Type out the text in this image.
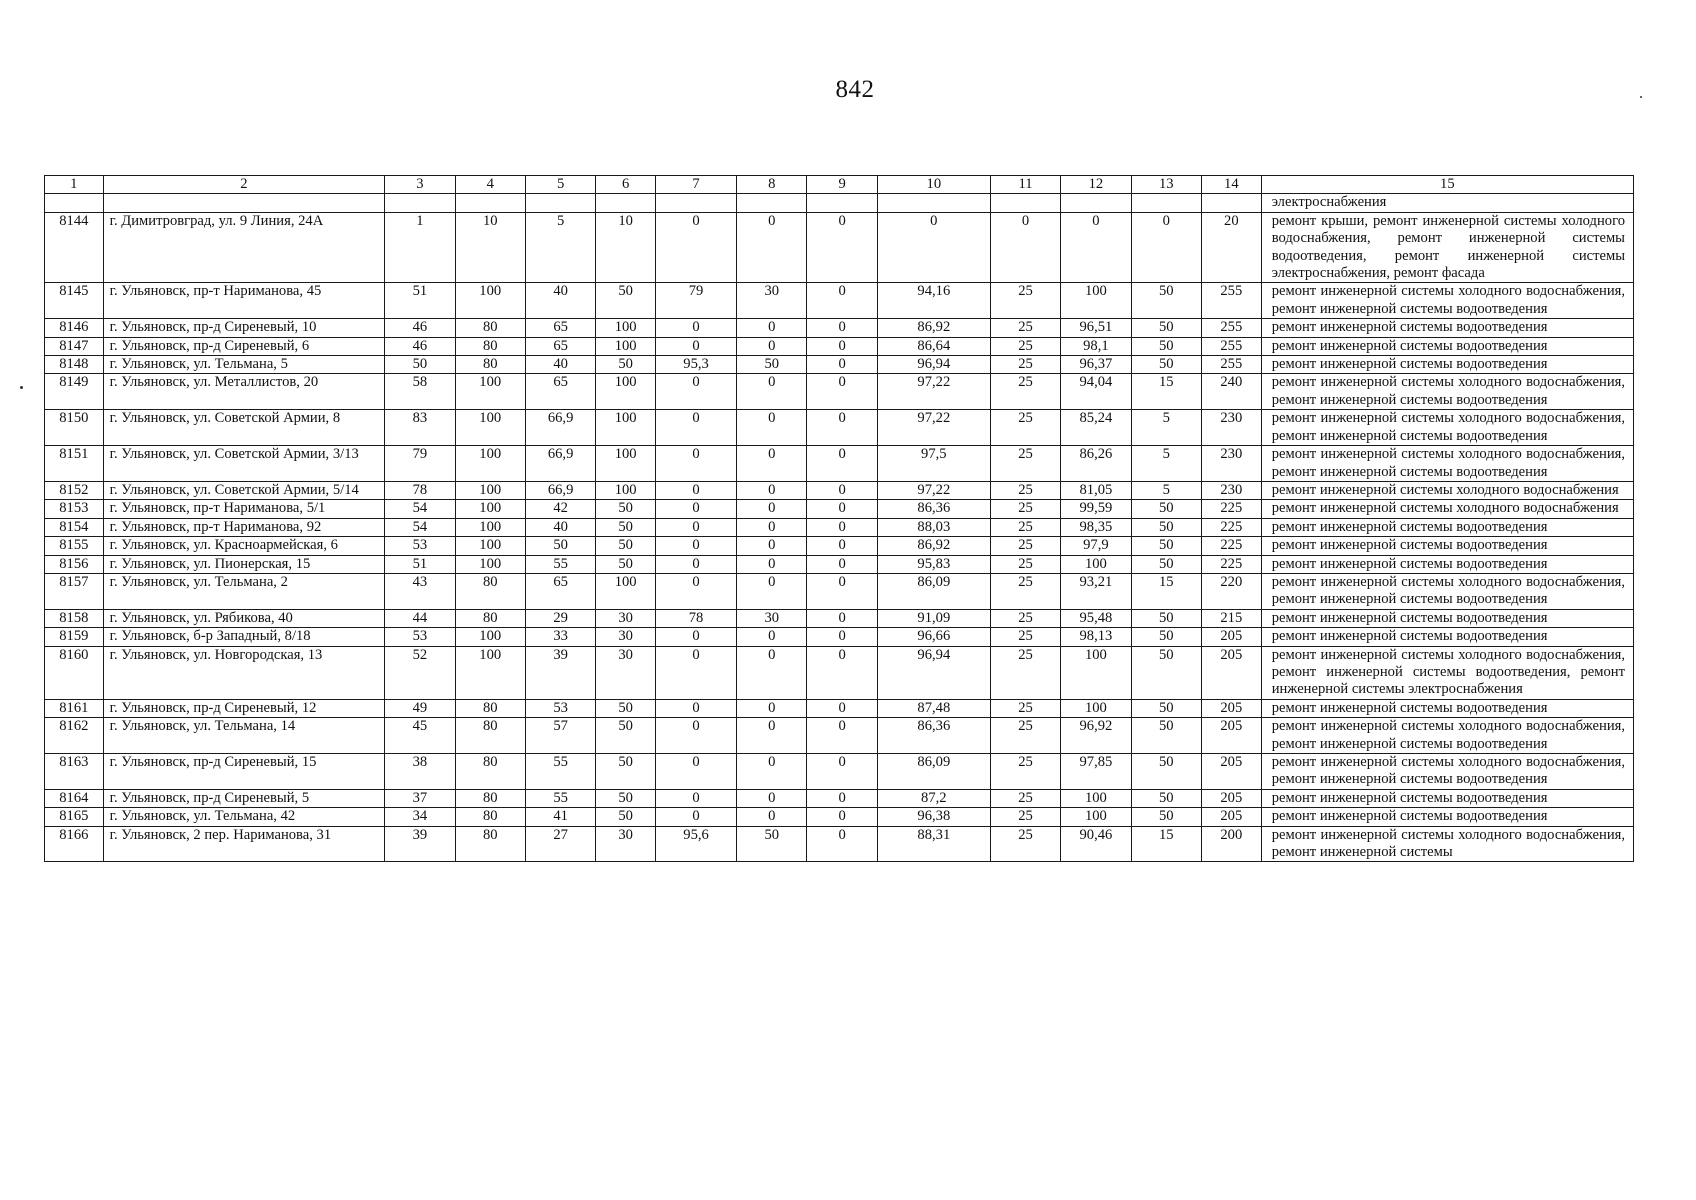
842
1	2	3	4	5	6	7	8	9	10	11	12	13	14	15
														электроснабжения
8144	г. Димитровград, ул. 9 Линия, 24А	1	10	5	10	0	0	0	0	0	0	0	20	ремонт крыши, ремонт инженерной системы холодного водоснабжения, ремонт инженерной системы водоотведения, ремонт инженерной системы электроснабжения, ремонт фасада
8145	г. Ульяновск, пр-т Нариманова, 45	51	100	40	50	79	30	0	94,16	25	100	50	255	ремонт инженерной системы холодного водоснабжения, ремонт инженерной системы водоотведения
8146	г. Ульяновск, пр-д Сиреневый, 10	46	80	65	100	0	0	0	86,92	25	96,51	50	255	ремонт инженерной системы водоотведения
8147	г. Ульяновск, пр-д Сиреневый, 6	46	80	65	100	0	0	0	86,64	25	98,1	50	255	ремонт инженерной системы водоотведения
8148	г. Ульяновск, ул. Тельмана, 5	50	80	40	50	95,3	50	0	96,94	25	96,37	50	255	ремонт инженерной системы водоотведения
8149	г. Ульяновск, ул. Металлистов, 20	58	100	65	100	0	0	0	97,22	25	94,04	15	240	ремонт инженерной системы холодного водоснабжения, ремонт инженерной системы водоотведения
8150	г. Ульяновск, ул. Советской Армии, 8	83	100	66,9	100	0	0	0	97,22	25	85,24	5	230	ремонт инженерной системы холодного водоснабжения, ремонт инженерной системы водоотведения
8151	г. Ульяновск, ул. Советской Армии, 3/13	79	100	66,9	100	0	0	0	97,5	25	86,26	5	230	ремонт инженерной системы холодного водоснабжения, ремонт инженерной системы водоотведения
8152	г. Ульяновск, ул. Советской Армии, 5/14	78	100	66,9	100	0	0	0	97,22	25	81,05	5	230	ремонт инженерной системы холодного водоснабжения
8153	г. Ульяновск, пр-т Нариманова, 5/1	54	100	42	50	0	0	0	86,36	25	99,59	50	225	ремонт инженерной системы холодного водоснабжения
8154	г. Ульяновск, пр-т Нариманова, 92	54	100	40	50	0	0	0	88,03	25	98,35	50	225	ремонт инженерной системы водоотведения
8155	г. Ульяновск, ул. Красноармейская, 6	53	100	50	50	0	0	0	86,92	25	97,9	50	225	ремонт инженерной системы водоотведения
8156	г. Ульяновск, ул. Пионерская, 15	51	100	55	50	0	0	0	95,83	25	100	50	225	ремонт инженерной системы водоотведения
8157	г. Ульяновск, ул. Тельмана, 2	43	80	65	100	0	0	0	86,09	25	93,21	15	220	ремонт инженерной системы холодного водоснабжения, ремонт инженерной системы водоотведения
8158	г. Ульяновск, ул. Рябикова, 40	44	80	29	30	78	30	0	91,09	25	95,48	50	215	ремонт инженерной системы водоотведения
8159	г. Ульяновск, б-р Западный, 8/18	53	100	33	30	0	0	0	96,66	25	98,13	50	205	ремонт инженерной системы водоотведения
8160	г. Ульяновск, ул. Новгородская, 13	52	100	39	30	0	0	0	96,94	25	100	50	205	ремонт инженерной системы холодного водоснабжения, ремонт инженерной системы водоотведения, ремонт инженерной системы электроснабжения
8161	г. Ульяновск, пр-д Сиреневый, 12	49	80	53	50	0	0	0	87,48	25	100	50	205	ремонт инженерной системы водоотведения
8162	г. Ульяновск, ул. Тельмана, 14	45	80	57	50	0	0	0	86,36	25	96,92	50	205	ремонт инженерной системы холодного водоснабжения, ремонт инженерной системы водоотведения
8163	г. Ульяновск, пр-д Сиреневый, 15	38	80	55	50	0	0	0	86,09	25	97,85	50	205	ремонт инженерной системы холодного водоснабжения, ремонт инженерной системы водоотведения
8164	г. Ульяновск, пр-д Сиреневый, 5	37	80	55	50	0	0	0	87,2	25	100	50	205	ремонт инженерной системы водоотведения
8165	г. Ульяновск, ул. Тельмана, 42	34	80	41	50	0	0	0	96,38	25	100	50	205	ремонт инженерной системы водоотведения
8166	г. Ульяновск, 2 пер. Нариманова, 31	39	80	27	30	95,6	50	0	88,31	25	90,46	15	200	ремонт инженерной системы холодного водоснабжения, ремонт инженерной системы
